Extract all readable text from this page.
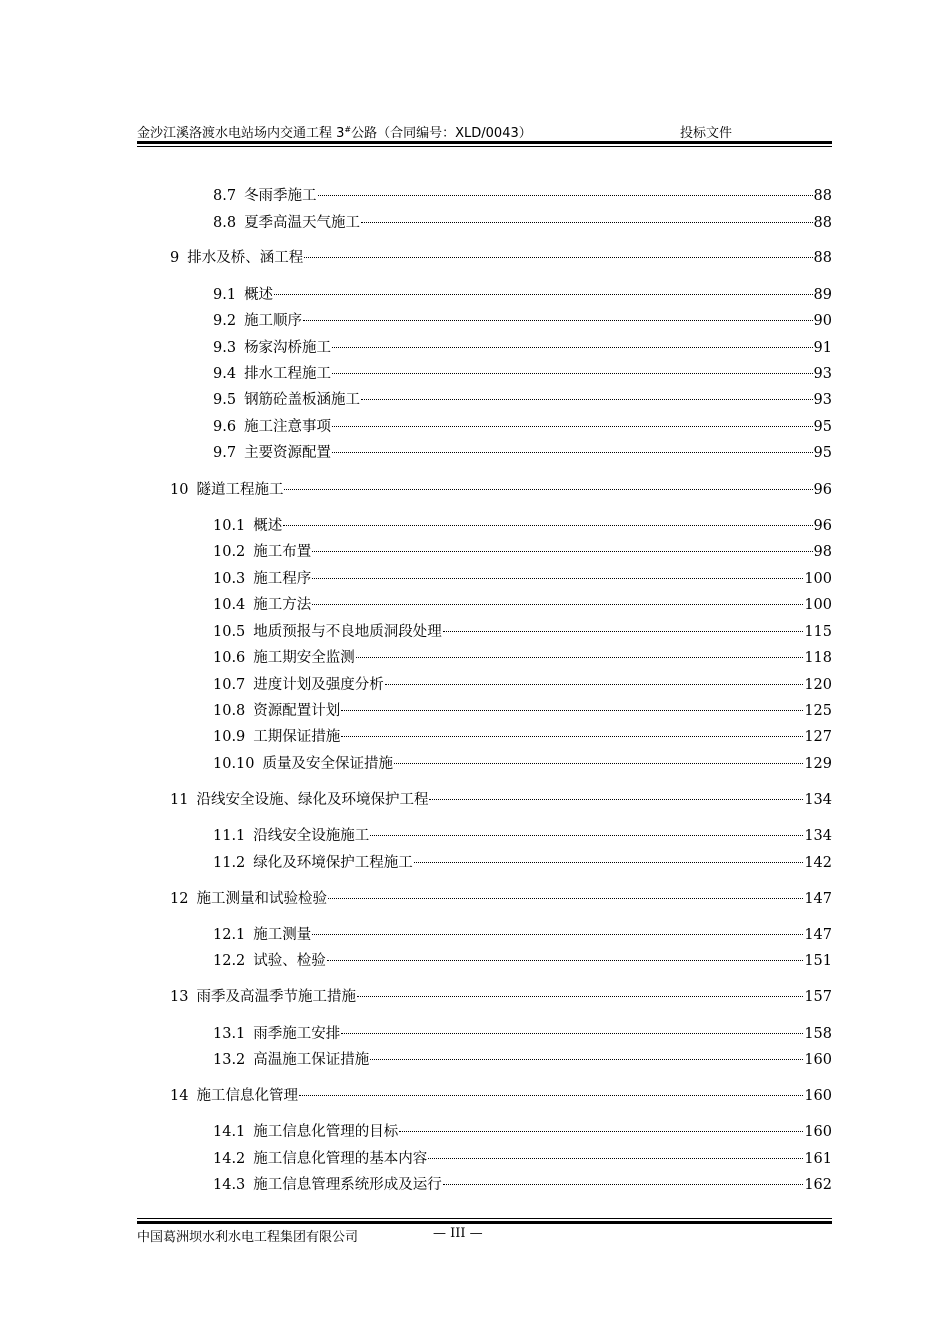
金沙江溪洛渡水电站场内交通工程 3#公路（合同编号：XLD/0043）	投标文件
8.7 冬雨季施工	88
8.8 夏季高温天气施工	88
9 排水及桥、涵工程	88
9.1 概述	89
9.2 施工顺序	90
9.3 杨家沟桥施工	91
9.4 排水工程施工	93
9.5 钢筋砼盖板涵施工	93
9.6 施工注意事项	95
9.7 主要资源配置	95
10 隧道工程施工	96
10.1 概述	96
10.2 施工布置	98
10.3 施工程序	100
10.4 施工方法	100
10.5 地质预报与不良地质洞段处理	115
10.6 施工期安全监测	118
10.7 进度计划及强度分析	120
10.8 资源配置计划	125
10.9 工期保证措施	127
10.10 质量及安全保证措施	129
11 沿线安全设施、绿化及环境保护工程	134
11.1 沿线安全设施施工	134
11.2 绿化及环境保护工程施工	142
12 施工测量和试验检验	147
12.1 施工测量	147
12.2 试验、检验	151
13 雨季及高温季节施工措施	157
13.1 雨季施工安排	158
13.2 高温施工保证措施	160
14 施工信息化管理	160
14.1 施工信息化管理的目标	160
14.2 施工信息化管理的基本内容	161
14.3 施工信息管理系统形成及运行	162
中国葛洲坝水利水电工程集团有限公司	— III —
